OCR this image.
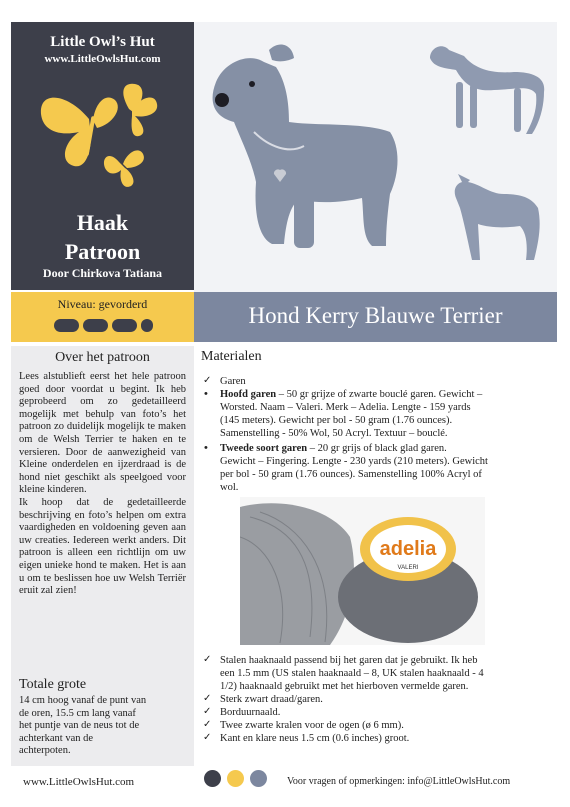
Little Owl’s Hut
www.LittleOwlsHut.com
Haak
Patroon
Door Chirkova Tatiana
Niveau: gevorderd	Hond Kerry Blauwe Terrier
Over het patroon

Lees alstublieft eerst het hele patroon goed door voordat u begint. Ik heb geprobeerd om zo gedetailleerd mogelijk met behulp van foto’s het patroon zo duidelijk mogelijk te maken om de Welsh Terrier te haken en te versieren. Door de aanwezigheid van Kleine onderdelen en ijzerdraad is de hond niet geschikt als speelgoed voor kleine kinderen.

Ik hoop dat de gedetailleerde beschrijving en foto’s helpen om extra vaardigheden en voldoening geven aan uw creaties. Iedereen werkt anders. Dit patroon is alleen een richtlijn om uw eigen unieke hond te maken. Het is aan u om te beslissen hoe uw Welsh Terriër eruit zal zien!

Totale grote
14 cm hoog vanaf de punt van
de oren, 15.5 cm lang vanaf
het puntje van de neus tot de
achterkant van de
achterpoten.
Materialen
✓ Garen
• Hoofd garen – 50 gr grijze of zwarte bouclé garen. Gewicht –
Worsted. Naam – Valeri. Merk – Adelia. Lengte - 159 yards
(145 meters). Gewicht per bol - 50 gram (1.76 ounces).
Samenstelling - 50% Wol, 50 Acryl. Textuur – bouclé.
• Tweede soort garen – 20 gr grijs of black glad garen.
Gewicht – Fingering. Lengte - 230 yards (210 meters). Gewicht
per bol - 50 gram (1.76 ounces). Samenstelling 100% Acryl of
wol.
adelia
VALERI
✓ Stalen haaknaald passend bij het garen dat je gebruikt. Ik heb
een 1.5 mm (US stalen haaknaald – 8, UK stalen haaknaald - 4
1/2) haaknaald gebruikt met het hierboven vermelde garen.
✓ Sterk zwart draad/garen.
✓ Borduurnaald.
✓ Twee zwarte kralen voor de ogen (ø 6 mm).
✓ Kant en klare neus 1.5 cm (0.6 inches) groot.
www.LittleOwlsHut.com	Voor vragen of opmerkingen: info@LittleOwlsHut.com
